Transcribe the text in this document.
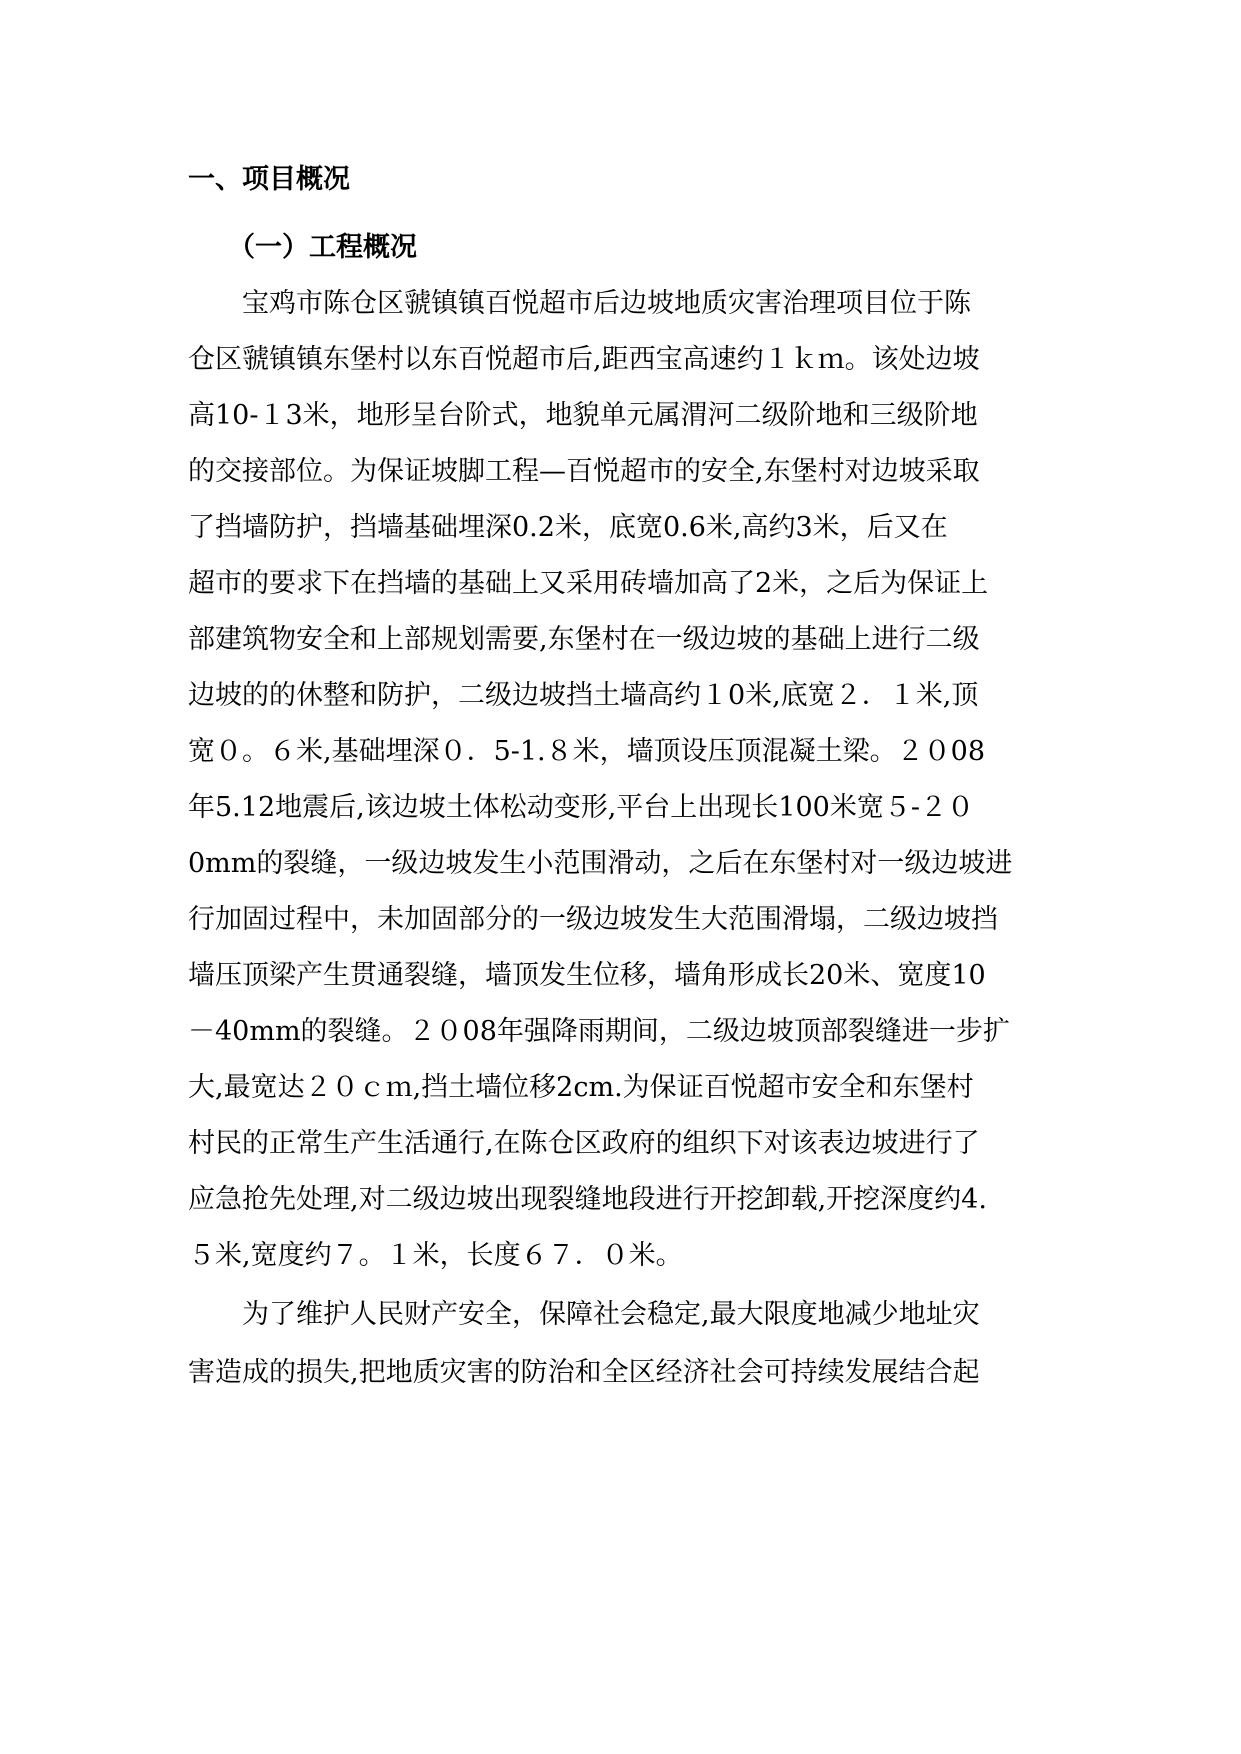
一、项目概况
（一）工程概况

　　宝鸡市陈仓区虢镇镇百悦超市后边坡地质灾害治理项目位于陈

仓区虢镇镇东堡村以东百悦超市后,距西宝高速约１ｋｍ。该处边坡

高10-１3米，地形呈台阶式，地貌单元属渭河二级阶地和三级阶地

的交接部位。为保证坡脚工程—百悦超市的安全,东堡村对边坡采取

了挡墙防护，挡墙基础埋深0.2米，底宽0.6米,高约3米，后又在

超市的要求下在挡墙的基础上又采用砖墙加高了2米，之后为保证上

部建筑物安全和上部规划需要,东堡村在一级边坡的基础上进行二级

边坡的的休整和防护，二级边坡挡土墙高约１0米,底宽２．１米,顶

宽０。６米,基础埋深０．5-1.８米，墙顶设压顶混凝土梁。２０08

年5.12地震后,该边坡土体松动变形,平台上出现长100米宽５-２０

0mm的裂缝，一级边坡发生小范围滑动，之后在东堡村对一级边坡进

行加固过程中，未加固部分的一级边坡发生大范围滑塌，二级边坡挡

墙压顶梁产生贯通裂缝，墙顶发生位移，墙角形成长20米、宽度10

－40mm的裂缝。２０08年强降雨期间，二级边坡顶部裂缝进一步扩

大,最宽达２０ｃｍ,挡土墙位移2cm.为保证百悦超市安全和东堡村

村民的正常生产生活通行,在陈仓区政府的组织下对该表边坡进行了

应急抢先处理,对二级边坡出现裂缝地段进行开挖卸载,开挖深度约4.

５米,宽度约７。１米，长度６７．０米。

　　为了维护人民财产安全，保障社会稳定,最大限度地减少地址灾

害造成的损失,把地质灾害的防治和全区经济社会可持续发展结合起
